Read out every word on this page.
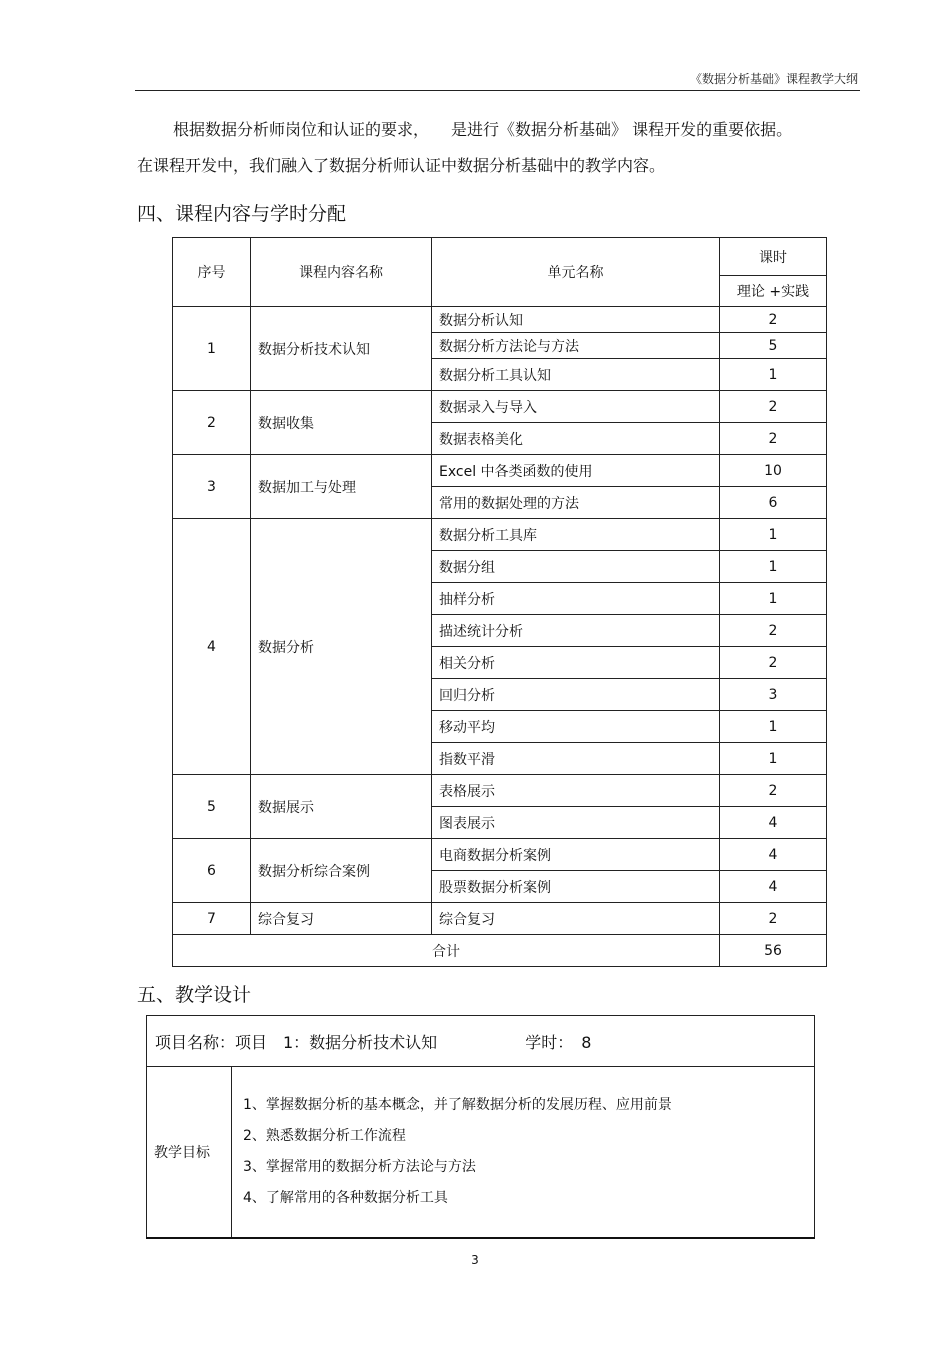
《数据分析基础》课程教学大纲
根据数据分析师岗位和认证的要求， 是进行《数据分析基础》 课程开发的重要依据。
在课程开发中，我们融入了数据分析师认证中数据分析基础中的教学内容。
四、课程内容与学时分配
序号	课程内容名称	单元名称	课时
			理论 +实践
1	数据分析技术认知	数据分析认知	2
		数据分析方法论与方法	5
		数据分析工具认知	1
2	数据收集	数据录入与导入	2
		数据表格美化	2
3	数据加工与处理	Excel 中各类函数的使用	10
		常用的数据处理的方法	6
4	数据分析	数据分析工具库	1
		数据分组	1
		抽样分析	1
		描述统计分析	2
		相关分析	2
		回归分析	3
		移动平均	1
		指数平滑	1
5	数据展示	表格展示	2
		图表展示	4
6	数据分析综合案例	电商数据分析案例	4
		股票数据分析案例	4
7	综合复习	综合复习	2
合计			56
五、教学设计
项目名称：项目　1：数据分析技术认知	学时：　8
教学目标	
1、掌握数据分析的基本概念，并了解数据分析的发展历程、应用前景
2、熟悉数据分析工作流程
3、掌握常用的数据分析方法论与方法
4、了解常用的各种数据分析工具
3
